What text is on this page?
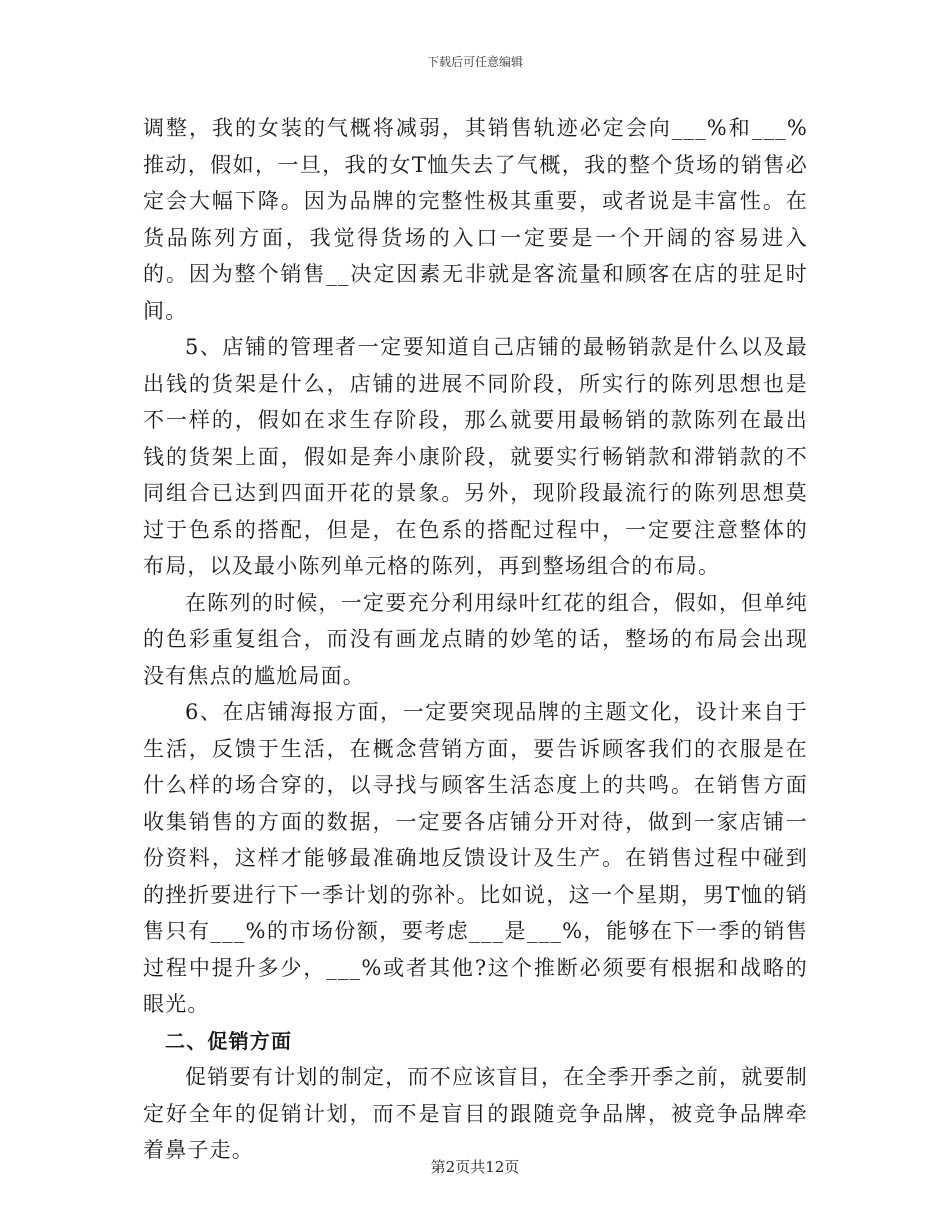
下载后可任意编辑

调整，我的女装的气概将减弱，其销售轨迹必定会向___%和___%推动，假如，一旦，我的女T恤失去了气概，我的整个货场的销售必定会大幅下降。因为品牌的完整性极其重要，或者说是丰富性。在货品陈列方面，我觉得货场的入口一定要是一个开阔的容易进入的。因为整个销售__决定因素无非就是客流量和顾客在店的驻足时间。

5、店铺的管理者一定要知道自己店铺的最畅销款是什么以及最出钱的货架是什么，店铺的进展不同阶段，所实行的陈列思想也是不一样的，假如在求生存阶段，那么就要用最畅销的款陈列在最出钱的货架上面，假如是奔小康阶段，就要实行畅销款和滞销款的不同组合已达到四面开花的景象。另外，现阶段最流行的陈列思想莫过于色系的搭配，但是，在色系的搭配过程中，一定要注意整体的布局，以及最小陈列单元格的陈列，再到整场组合的布局。

在陈列的时候，一定要充分利用绿叶红花的组合，假如，但单纯的色彩重复组合，而没有画龙点睛的妙笔的话，整场的布局会出现没有焦点的尴尬局面。

6、在店铺海报方面，一定要突现品牌的主题文化，设计来自于生活，反馈于生活，在概念营销方面，要告诉顾客我们的衣服是在什么样的场合穿的，以寻找与顾客生活态度上的共鸣。在销售方面收集销售的方面的数据，一定要各店铺分开对待，做到一家店铺一份资料，这样才能够最准确地反馈设计及生产。在销售过程中碰到的挫折要进行下一季计划的弥补。比如说，这一个星期，男T恤的销售只有___%的市场份额，要考虑___是___%，能够在下一季的销售过程中提升多少，___%或者其他?这个推断必须要有根据和战略的眼光。

二、促销方面

促销要有计划的制定，而不应该盲目，在全季开季之前，就要制定好全年的促销计划，而不是盲目的跟随竞争品牌，被竞争品牌牵着鼻子走。

第2页共12页
